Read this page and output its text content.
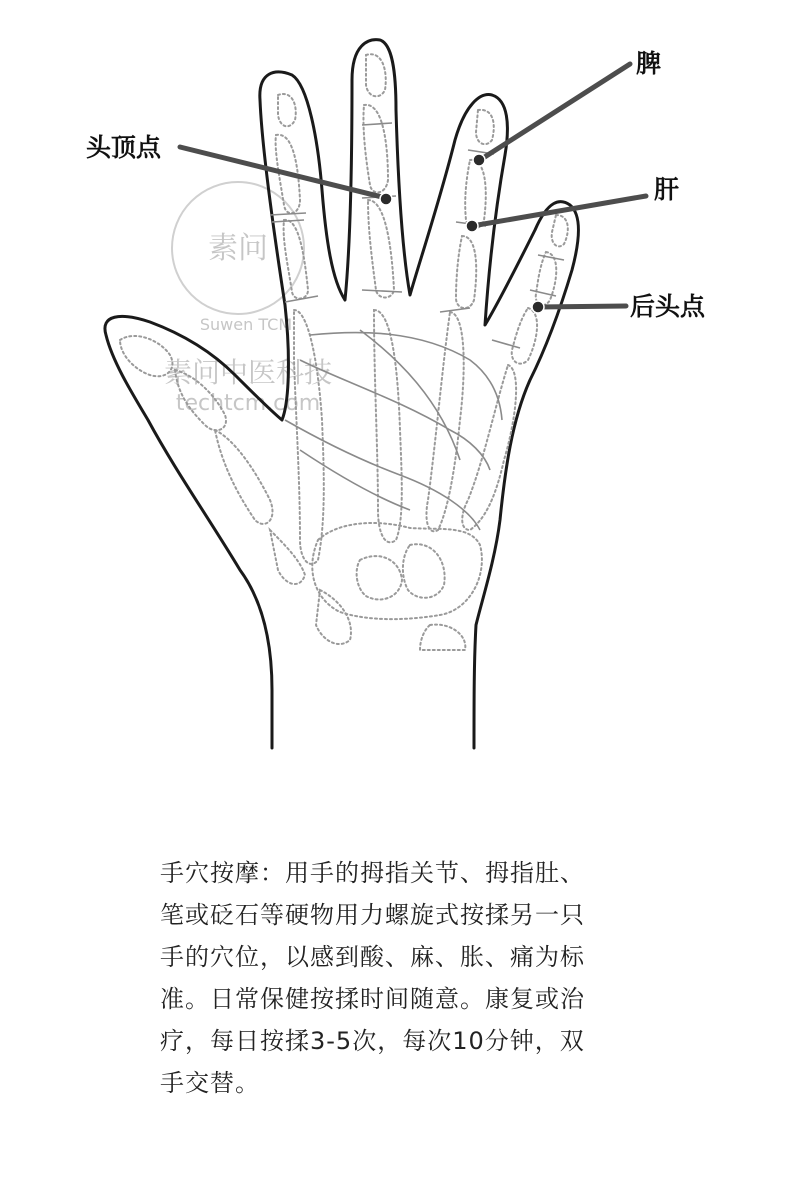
素问
Suwen TCM
素问中医科技
techtcm.com
头顶点
脾
肝
后头点

手穴按摩：用手的拇指关节、拇指肚、
笔或砭石等硬物用力螺旋式按揉另一只
手的穴位，以感到酸、麻、胀、痛为标
准。日常保健按揉时间随意。康复或治
疗，每日按揉3-5次，每次10分钟，双
手交替。
